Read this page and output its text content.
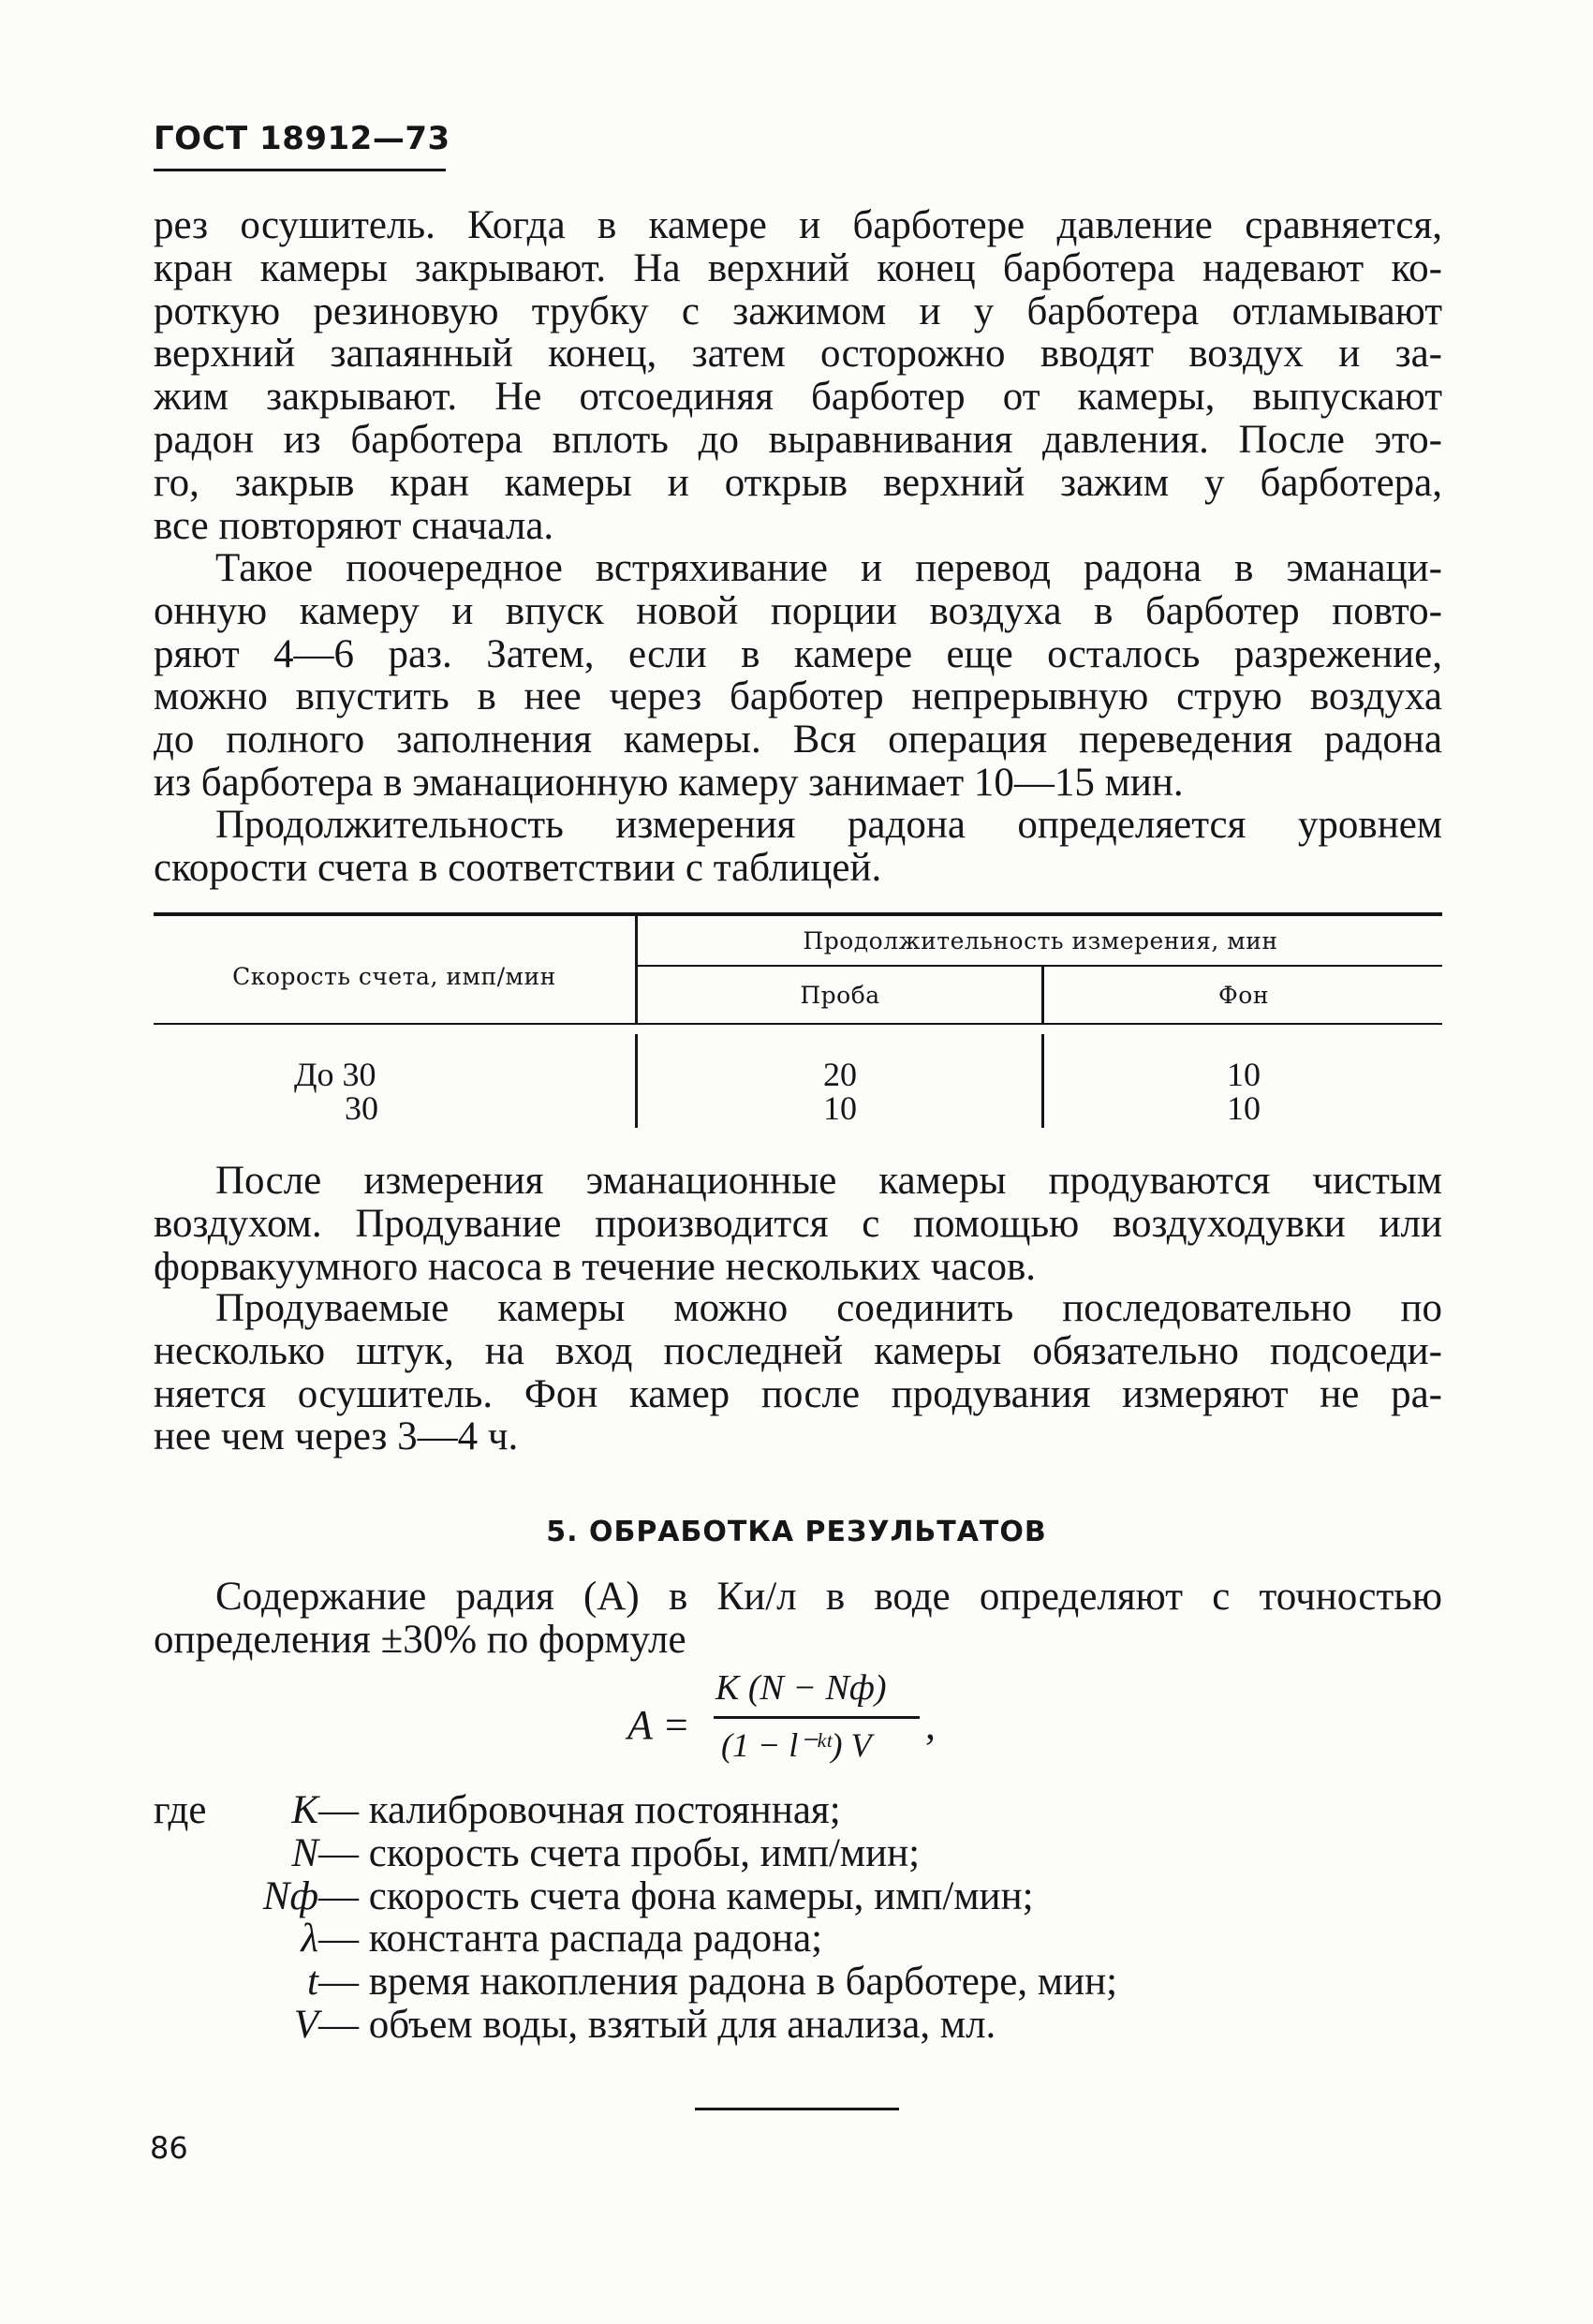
ГОСТ 18912—73
рез осушитель. Когда в камере и барботере давление сравняется,
кран камеры закрывают. На верхний конец барботера надевают ко-
роткую резиновую трубку с зажимом и у барботера отламывают
верхний запаянный конец, затем осторожно вводят воздух и за-
жим закрывают. Не отсоединяя барботер от камеры, выпускают
радон из барботера вплоть до выравнивания давления. После это-
го, закрыв кран камеры и открыв верхний зажим у барботера,
все повторяют сначала.
Такое поочередное встряхивание и перевод радона в эманаци-
онную камеру и впуск новой порции воздуха в барботер повто-
ряют 4—6 раз. Затем, если в камере еще осталось разрежение,
можно впустить в нее через барботер непрерывную струю воздуха
до полного заполнения камеры. Вся операция переведения радона
из барботера в эманационную камеру занимает 10—15 мин.
Продолжительность измерения радона определяется уровнем
скорости счета в соответствии с таблицей.
Скорость счета, имп/мин
Продолжительность измерения, мин
Проба	Фон
До 30
30
20
10
10
10
После измерения эманационные камеры продуваются чистым
воздухом. Продувание производится с помощью воздуходувки или
форвакуумного насоса в течение нескольких часов.
Продуваемые камеры можно соединить последовательно по
несколько штук, на вход последней камеры обязательно подсоеди-
няется осушитель. Фон камер после продувания измеряют не ра-
нее чем через 3—4 ч.
5. ОБРАБОТКА РЕЗУЛЬТАТОВ
Содержание радия (А) в Ки/л в воде определяют с точностью
определения ±30% по формуле
A =
K (N − Nф)
(1 − l⁻ᵏᵗ) V ,
где K — калибровочная постоянная;
N — скорость счета пробы, имп/мин;
Nф — скорость счета фона камеры, имп/мин;
λ — константа распада радона;
t — время накопления радона в барботере, мин;
V — объем воды, взятый для анализа, мл.
86
